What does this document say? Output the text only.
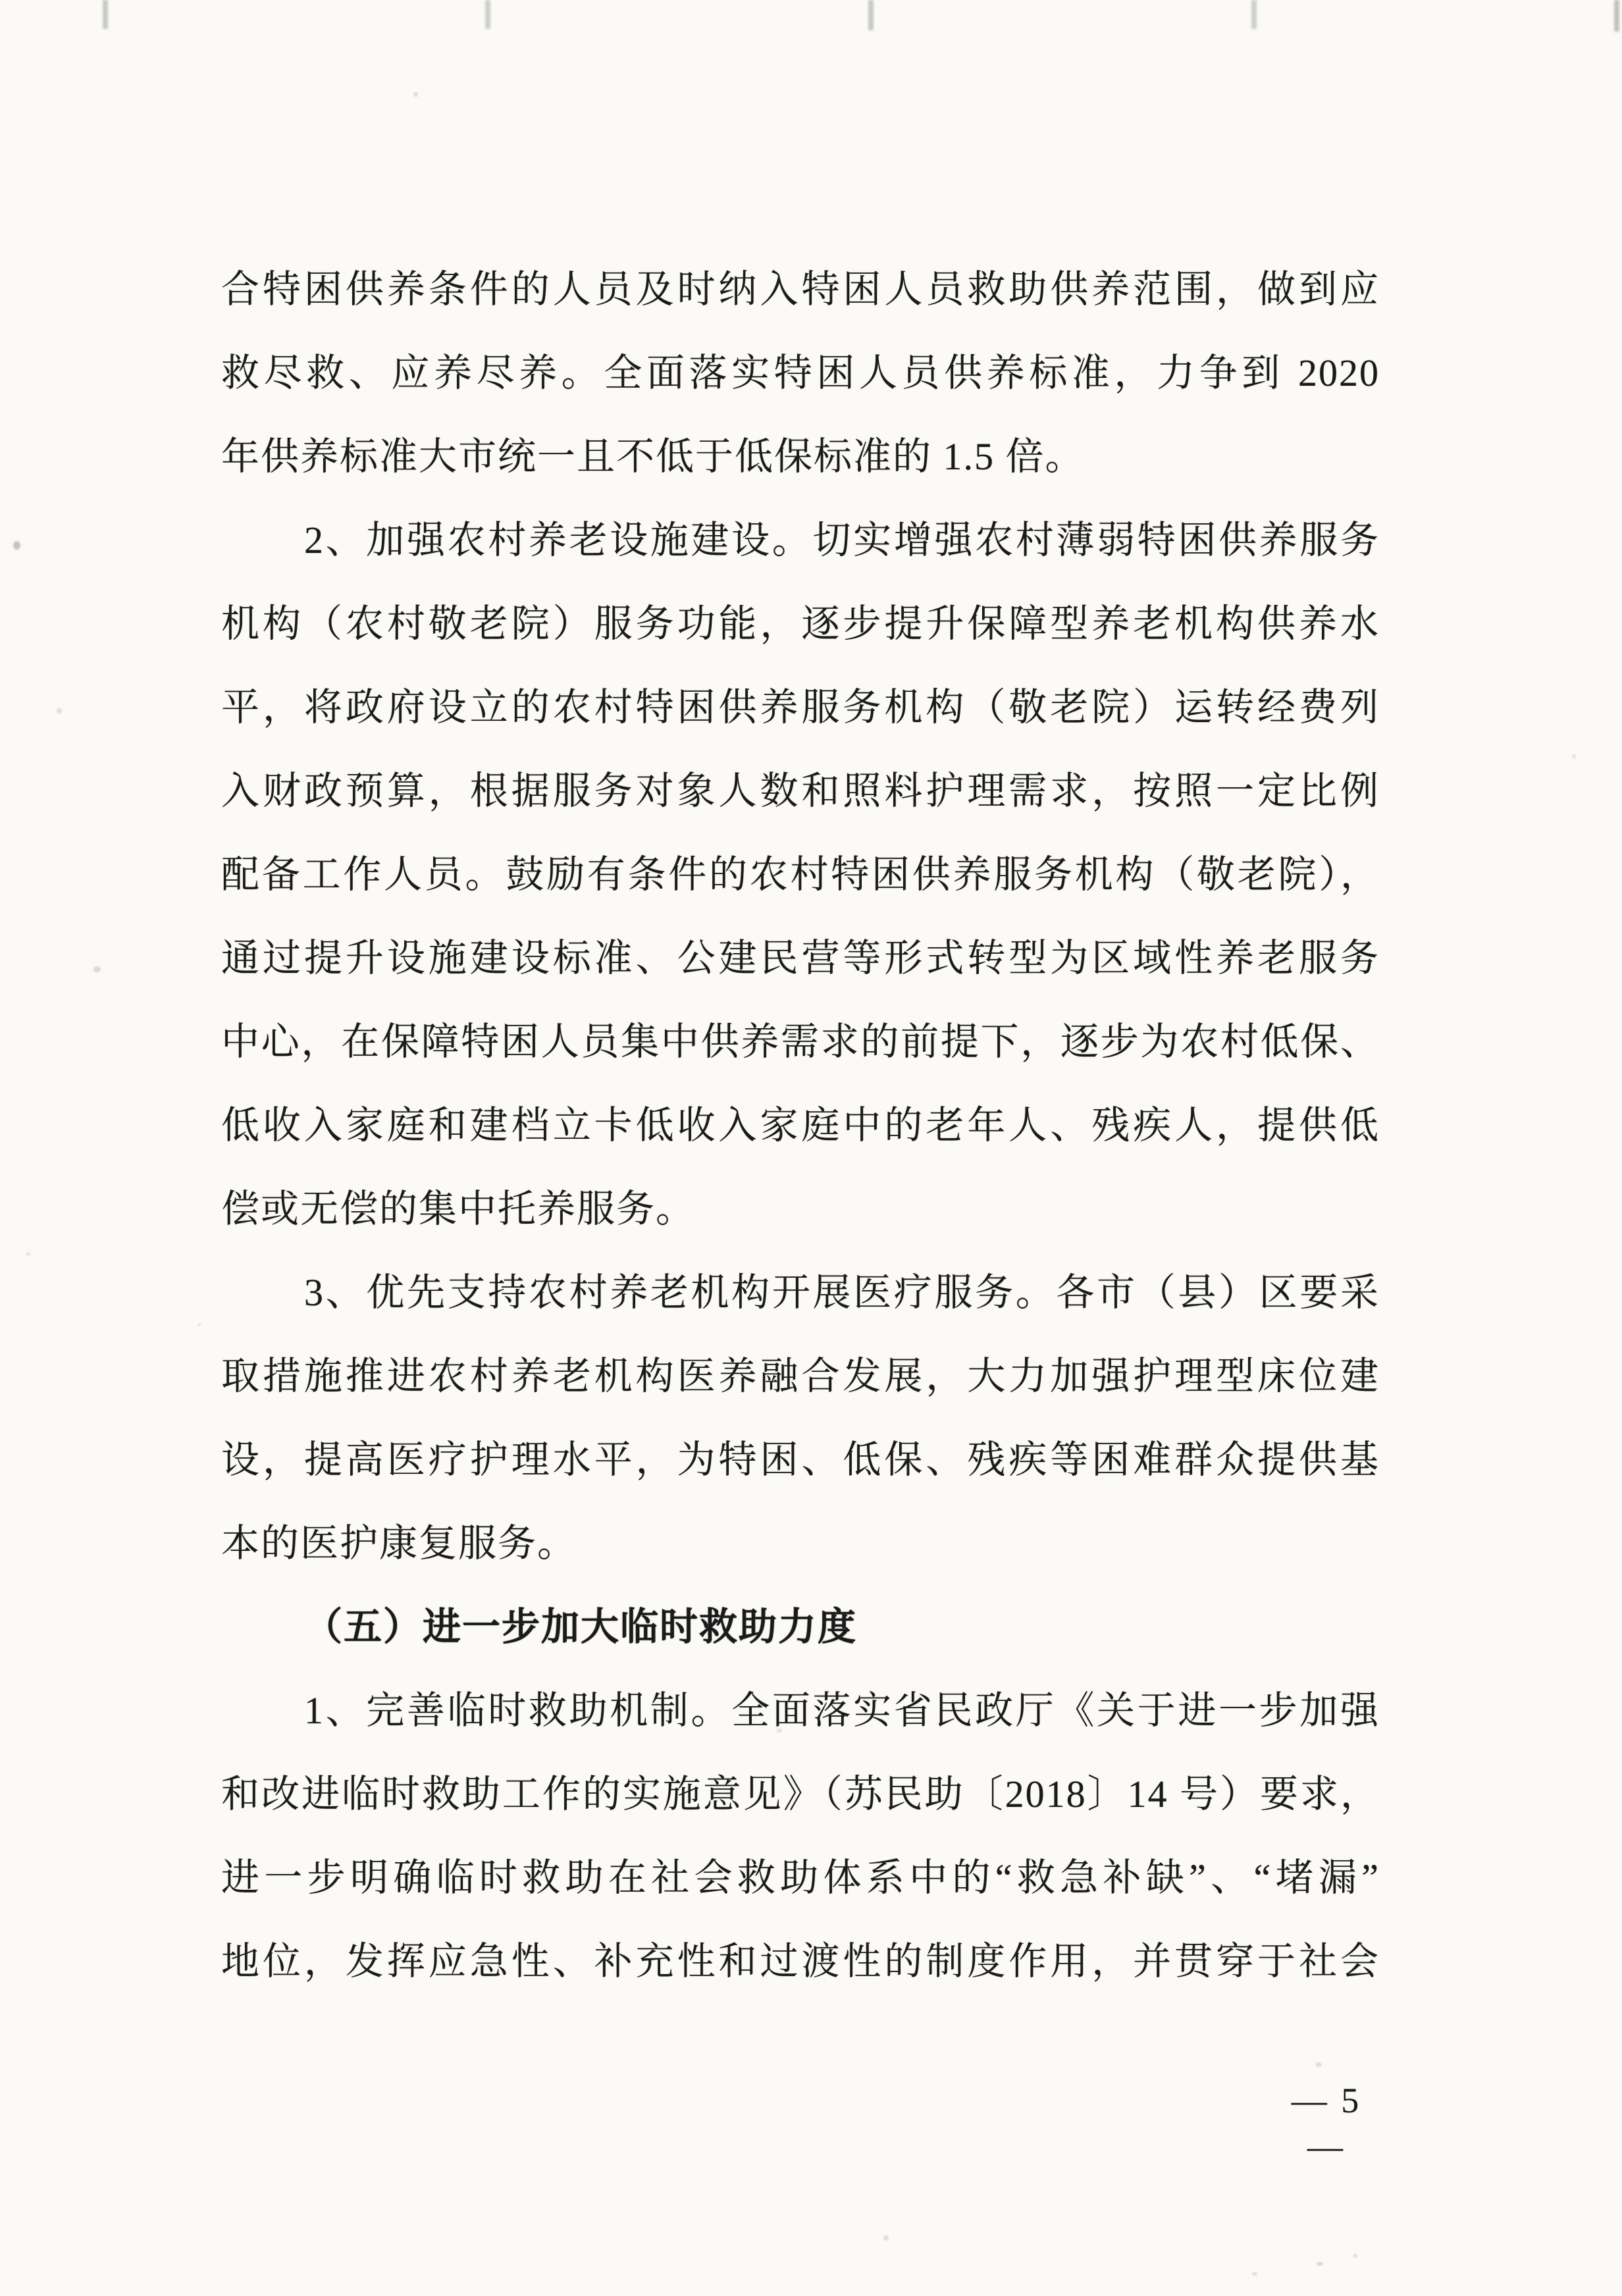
合特困供养条件的人员及时纳入特困人员救助供养范围，做到应
救尽救、应养尽养。全面落实特困人员供养标准，力争到 2020
年供养标准大市统一且不低于低保标准的 1.5 倍。
2、加强农村养老设施建设。切实增强农村薄弱特困供养服务
机构（农村敬老院）服务功能，逐步提升保障型养老机构供养水
平，将政府设立的农村特困供养服务机构（敬老院）运转经费列
入财政预算，根据服务对象人数和照料护理需求，按照一定比例
配备工作人员。鼓励有条件的农村特困供养服务机构（敬老院），
通过提升设施建设标准、公建民营等形式转型为区域性养老服务
中心，在保障特困人员集中供养需求的前提下，逐步为农村低保、
低收入家庭和建档立卡低收入家庭中的老年人、残疾人，提供低
偿或无偿的集中托养服务。
3、优先支持农村养老机构开展医疗服务。各市（县）区要采
取措施推进农村养老机构医养融合发展，大力加强护理型床位建
设，提高医疗护理水平，为特困、低保、残疾等困难群众提供基
本的医护康复服务。
（五）进一步加大临时救助力度
1、完善临时救助机制。全面落实省民政厅《关于进一步加强
和改进临时救助工作的实施意见》（苏民助〔2018〕14 号）要求，
进一步明确临时救助在社会救助体系中的“救急补缺”、“堵漏”
地位，发挥应急性、补充性和过渡性的制度作用，并贯穿于社会
— 5 —
